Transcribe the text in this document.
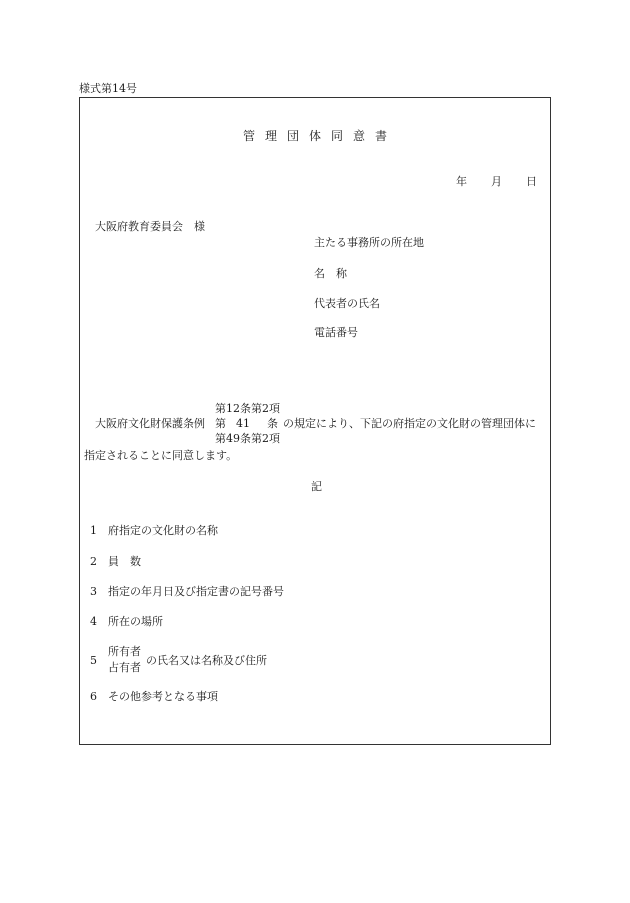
様式第14号
管理団体同意書
年 月 日
大阪府教育委員会　様
主たる事務所の所在地
名　称
代表者の氏名
電話番号
第12条第2項
大阪府文化財保護条例 第 41 条 の規定により、下記の府指定の文化財の管理団体に
第49条第2項
指定されることに同意します。
記
1 府指定の文化財の名称
2 員　数
3 指定の年月日及び指定書の記号番号
4 所在の場所
5
所有者
占有者
の氏名又は名称及び住所
6 その他参考となる事項
